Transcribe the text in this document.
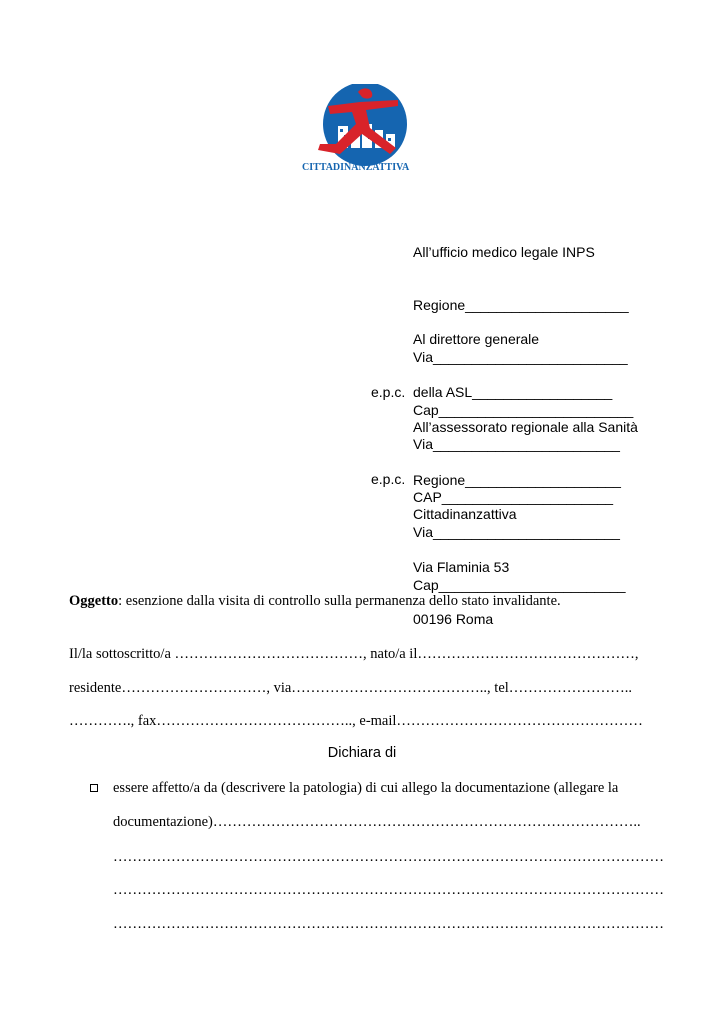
CITTADINANZATTIVA

All’ufficio medico legale INPS

Regione_____________________

Via_________________________

Cap_________________________

Al direttore generale

della ASL__________________

Via________________________

CAP______________________

e.p.c.

All’assessorato regionale alla Sanità

Regione____________________

Via________________________

Cap________________________

e.p.c.

Cittadinanzattiva

Via Flaminia 53

00196 Roma

Oggetto: esenzione dalla visita di controllo sulla permanenza dello stato invalidante.
Il/la sottoscritto/a …………………………………, nato/a il………………………………………,
residente…………………………, via………………………………….., tel……………………..
…………., fax………………………………….., e-mail……………………………………………
Dichiara di
essere affetto/a da (descrivere la patologia) di cui allego la documentazione (allegare la
documentazione)……………………………………………………………………………..
……………………………………………………………………………………………………
……………………………………………………………………………………………………
……………………………………………………………………………………………………
